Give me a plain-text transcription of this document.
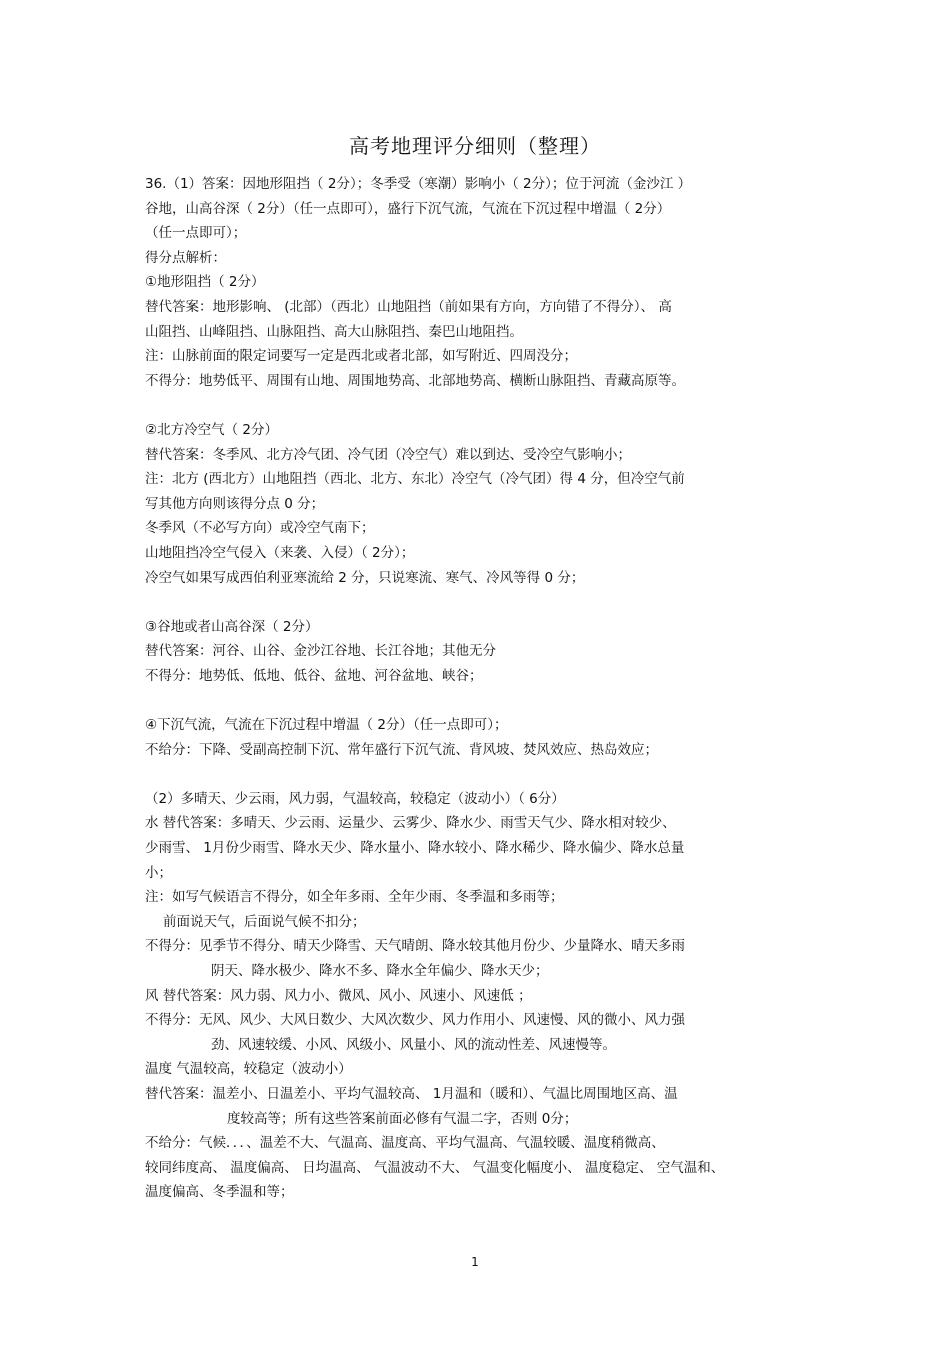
高考地理评分细则（整理）
36.（1）答案：因地形阻挡（ 2分）；冬季受（寒潮）影响小（ 2分）；位于河流（金沙江 ）
谷地，山高谷深（ 2分）（任一点即可），盛行下沉气流，气流在下沉过程中增温（ 2分）
（任一点即可）；
得分点解析：
①地形阻挡（ 2分）
替代答案：地形影响、 (北部）（西北）山地阻挡（前如果有方向，方向错了不得分）、 高
山阻挡、山峰阻挡、山脉阻挡、高大山脉阻挡、秦巴山地阻挡。
注：山脉前面的限定词要写一定是西北或者北部，如写附近、四周没分；
不得分：地势低平、周围有山地、周围地势高、北部地势高、横断山脉阻挡、青藏高原等。
②北方冷空气（ 2分）
替代答案：冬季风、北方冷气团、冷气团（冷空气）难以到达、受冷空气影响小；
注：北方 (西北方）山地阻挡（西北、北方、东北）冷空气（冷气团）得 4 分，但冷空气前
写其他方向则该得分点 0 分；
冬季风（不必写方向）或冷空气南下；
山地阻挡冷空气侵入（来袭、入侵）（ 2分）；
冷空气如果写成西伯利亚寒流给 2 分，只说寒流、寒气、冷风等得 0 分；
③谷地或者山高谷深（ 2分）
替代答案：河谷、山谷、金沙江谷地、长江谷地；其他无分
不得分：地势低、低地、低谷、盆地、河谷盆地、峡谷；
④下沉气流，气流在下沉过程中增温（ 2分）（任一点即可）；
不给分：下降、受副高控制下沉、常年盛行下沉气流、背风坡、焚风效应、热岛效应；
（2）多晴天、少云雨，风力弱，气温较高，较稳定（波动小）（ 6分）
水 替代答案：多晴天、少云雨、运量少、云雾少、降水少、雨雪天气少、降水相对较少、
少雨雪、 1月份少雨雪、降水天少、降水量小、降水较小、降水稀少、降水偏少、降水总量
小；
注：如写气候语言不得分，如全年多雨、全年少雨、冬季温和多雨等；
前面说天气，后面说气候不扣分；
不得分：见季节不得分、晴天少降雪、天气晴朗、降水较其他月份少、少量降水、晴天多雨
阴天、降水极少、降水不多、降水全年偏少、降水天少；
风 替代答案：风力弱、风力小、微风、风小、风速小、风速低 ；
不得分：无风、风少、大风日数少、大风次数少、风力作用小、风速慢、风的微小、风力强
劲、风速较缓、小风、风级小、风量小、风的流动性差、风速慢等。
温度 气温较高，较稳定（波动小）
替代答案：温差小、日温差小、平均气温较高、 1月温和（暖和）、气温比周围地区高、温
度较高等；所有这些答案前面必修有气温二字，否则 0分；
不给分：气候．．．、温差不大、气温高、温度高、平均气温高、气温较暖、温度稍微高、
较同纬度高、 温度偏高、 日均温高、 气温波动不大、 气温变化幅度小、 温度稳定、 空气温和、
温度偏高、冬季温和等；
1
